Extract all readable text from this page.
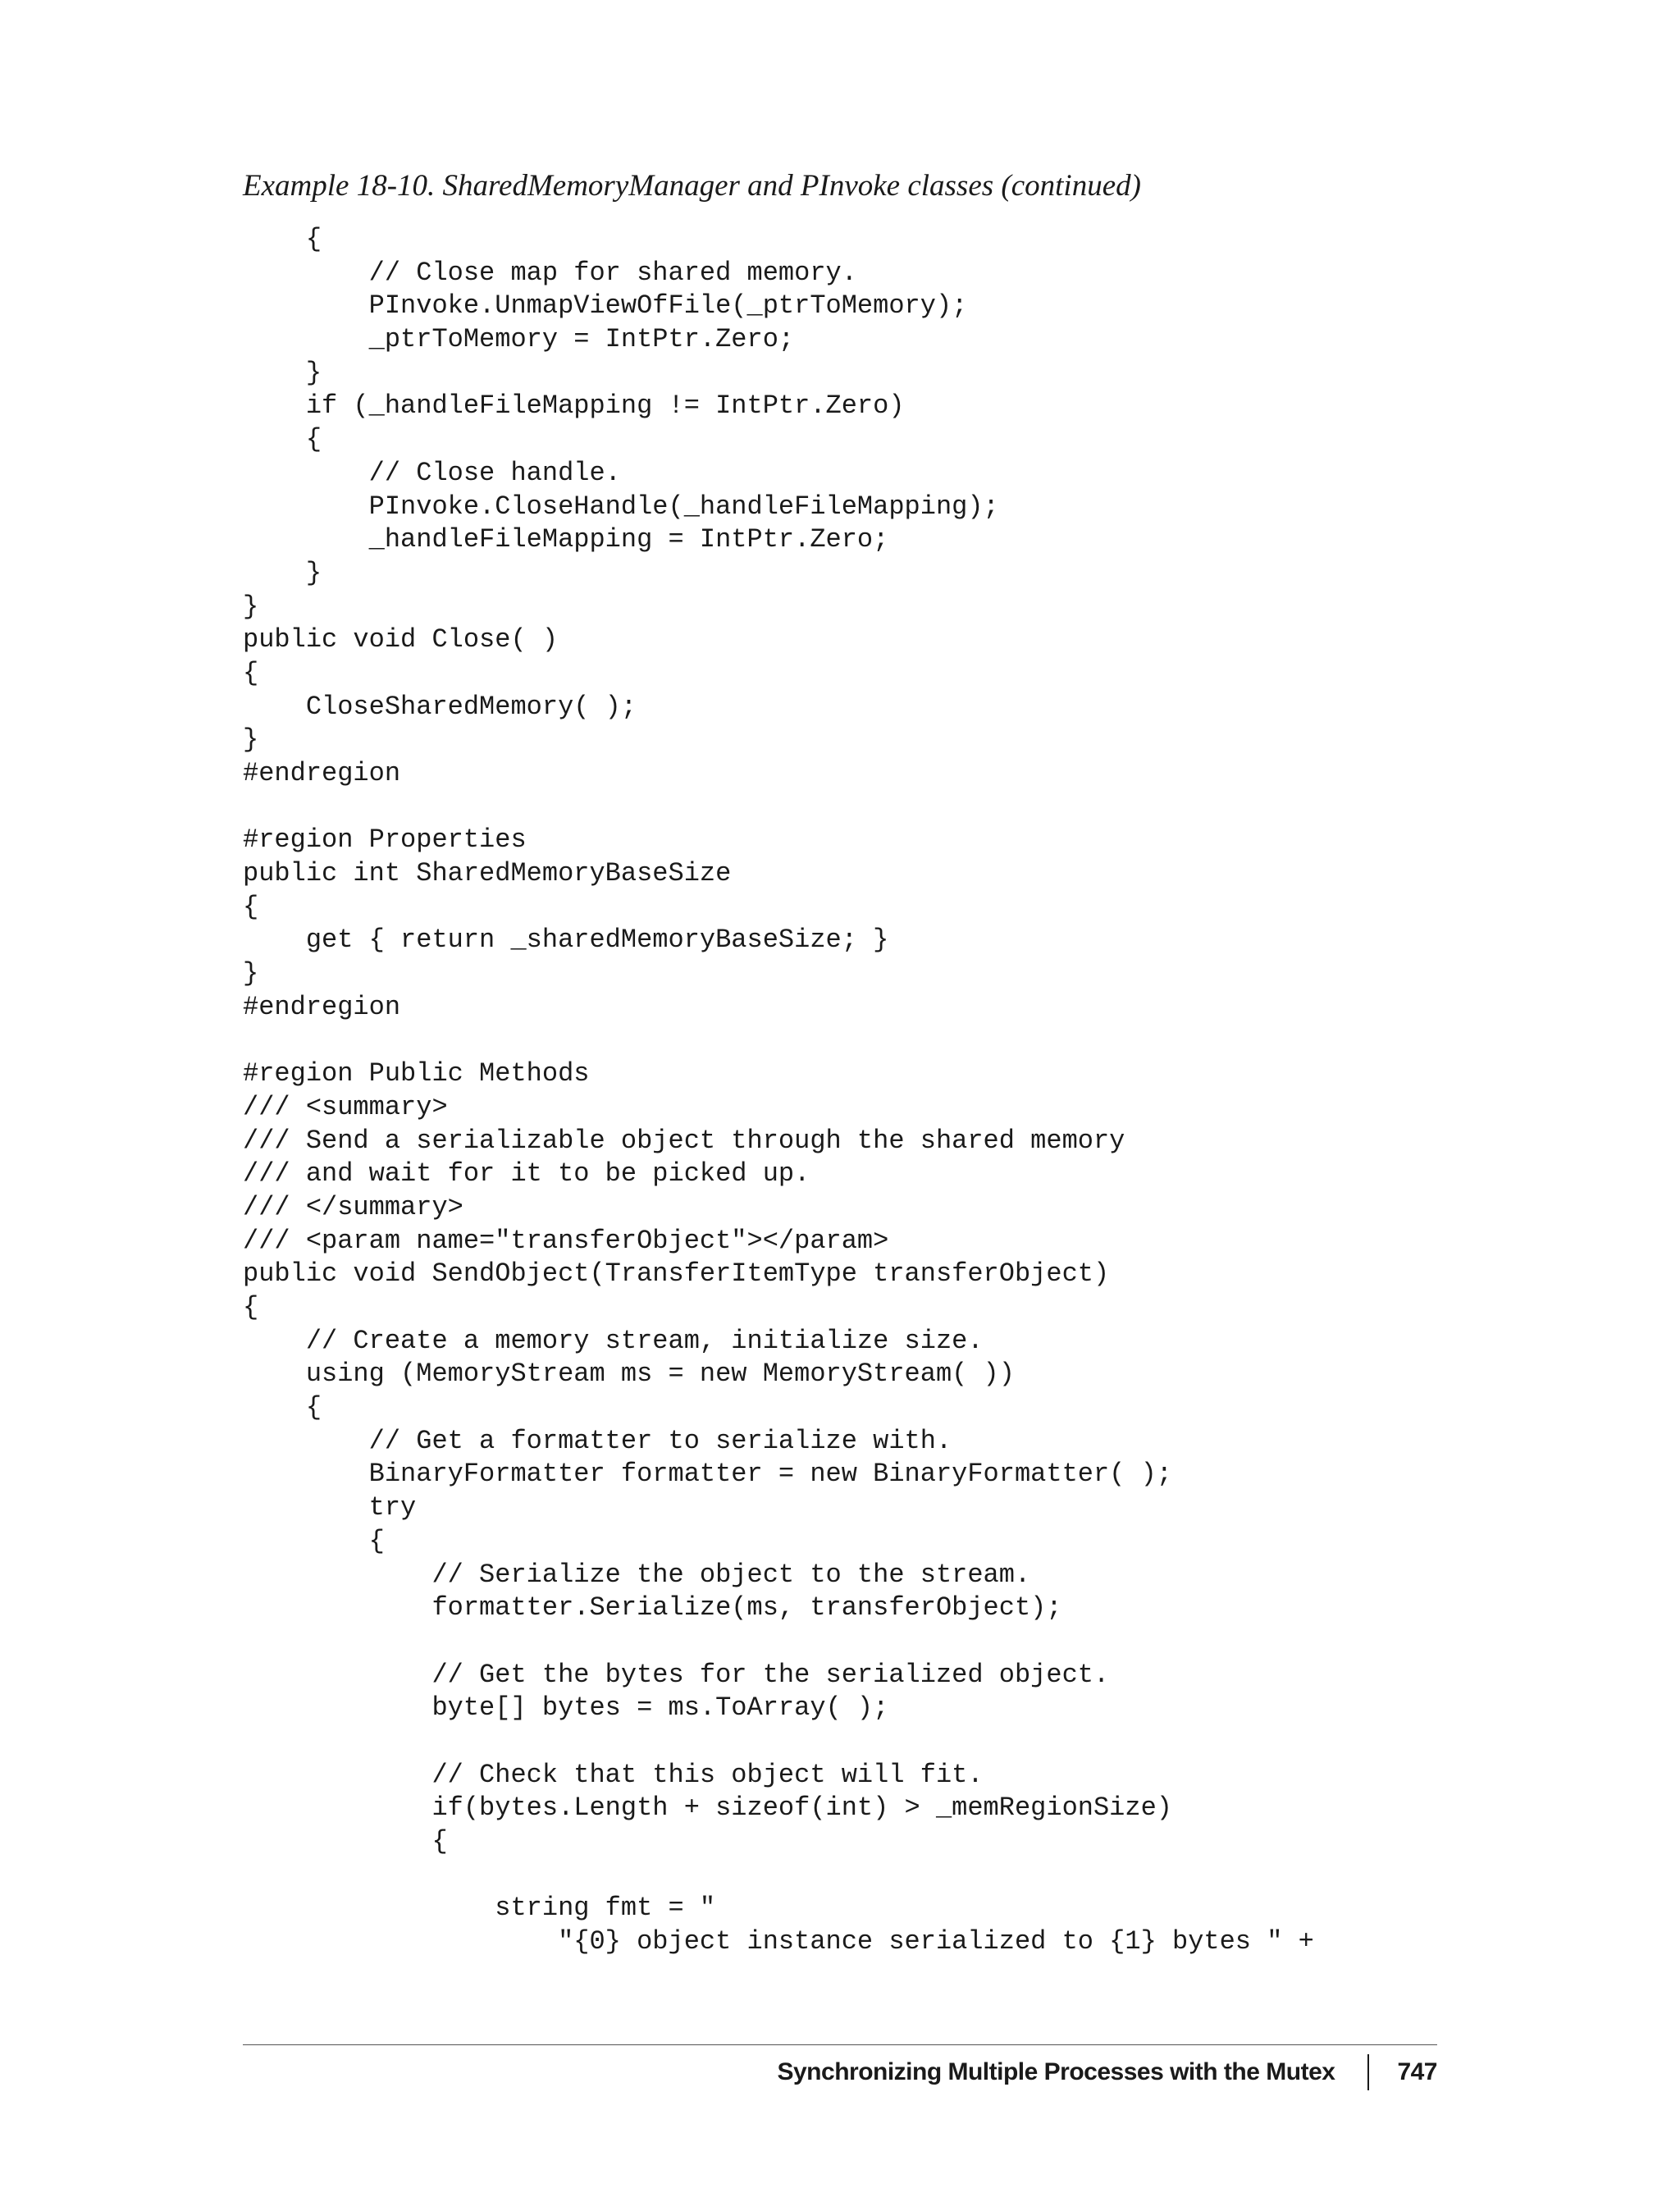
Example 18-10. SharedMemoryManager and PInvoke classes (continued)

{
// Close map for shared memory.
PInvoke.UnmapViewOfFile(_ptrToMemory);
_ptrToMemory = IntPtr.Zero;
}
if (_handleFileMapping != IntPtr.Zero)
{
// Close handle.
PInvoke.CloseHandle(_handleFileMapping);
_handleFileMapping = IntPtr.Zero;
}
}
public void Close( )
{
CloseSharedMemory( );
}
#endregion

#region Properties
public int SharedMemoryBaseSize
{
get { return _sharedMemoryBaseSize; }
}
#endregion

#region Public Methods
/// <summary>
/// Send a serializable object through the shared memory
/// and wait for it to be picked up.
/// </summary>
/// <param name="transferObject"></param>
public void SendObject(TransferItemType transferObject)
{
// Create a memory stream, initialize size.
using (MemoryStream ms = new MemoryStream( ))
{
// Get a formatter to serialize with.
BinaryFormatter formatter = new BinaryFormatter( );
try
{
// Serialize the object to the stream.
formatter.Serialize(ms, transferObject);

// Get the bytes for the serialized object.
byte[] bytes = ms.ToArray( );

// Check that this object will fit.
if(bytes.Length + sizeof(int) > _memRegionSize)
{

string fmt = "
"{0} object instance serialized to {1} bytes " +
Synchronizing Multiple Processes with the Mutex	747
